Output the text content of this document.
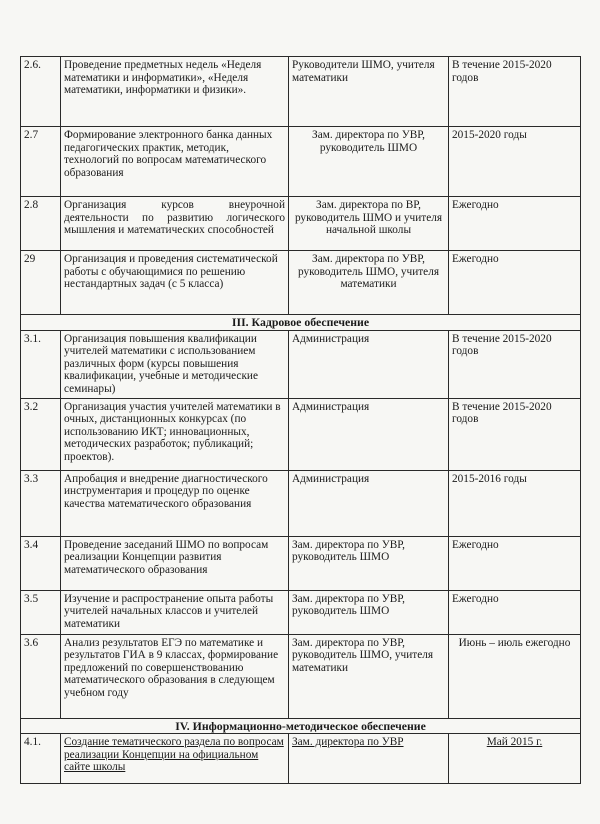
2.6.	Проведение предметных недель «Неделя математики и информатики», «Неделя математики, информатики и физики».	Руководители ШМО, учителя математики	В течение 2015-2020 годов
2.7	Формирование электронного банка данных педагогических практик, методик, технологий по вопросам математического образования	Зам. директора по УВР, руководитель ШМО	2015-2020 годы
2.8	Организация курсов внеурочной деятельности по развитию логического мышления и математических способностей	Зам. директора по ВР, руководитель ШМО и учителя начальной школы	Ежегодно
29	Организация и проведения систематической работы с обучающимися по решению нестандартных задач (с 5 класса)	Зам. директора по УВР, руководитель ШМО, учителя математики	Ежегодно
III. Кадровое обеспечение			
3.1.	Организация повышения квалификации учителей математики с использованием различных форм (курсы повышения квалификации, учебные и методические семинары)	Администрация	В течение 2015-2020 годов
3.2	Организация участия учителей математики в очных, дистанционных конкурсах (по использованию ИКТ; инновационных, методических разработок; публикаций; проектов).	Администрация	В течение 2015-2020 годов
3.3	Апробация и внедрение диагностического инструментария и процедур по оценке качества математического образования	Администрация	2015-2016 годы
3.4	Проведение заседаний ШМО по вопросам реализации Концепции развития математического образования	Зам. директора по УВР, руководитель ШМО	Ежегодно
3.5	Изучение и распространение опыта работы учителей начальных классов и учителей математики	Зам. директора по УВР, руководитель ШМО	Ежегодно
3.6	Анализ результатов ЕГЭ по математике и результатов ГИА в 9 классах, формирование предложений по совершенствованию математического образования в следующем учебном году	Зам. директора по УВР, руководитель ШМО, учителя математики	Июнь – июль ежегодно
IV. Информационно-методическое обеспечение			
4.1.	Создание тематического раздела по вопросам реализации Концепции на официальном сайте школы	Зам. директора по УВР	Май 2015 г.
